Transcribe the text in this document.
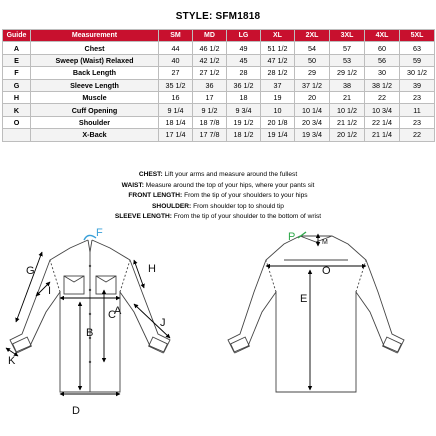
STYLE: SFM1818
Guide	Measurement	SM	MD	LG	XL	2XL	3XL	4XL	5XL
A	Chest	44	46 1/2	49	51 1/2	54	57	60	63
E	Sweep (Waist) Relaxed	40	42 1/2	45	47 1/2	50	53	56	59
F	Back Length	27	27 1/2	28	28 1/2	29	29 1/2	30	30 1/2
G	Sleeve Length	35 1/2	36	36 1/2	37	37 1/2	38	38 1/2	39
H	Muscle	16	17	18	19	20	21	22	23
K	Cuff Opening	9 1/4	9 1/2	9 3/4	10	10 1/4	10 1/2	10 3/4	11
O	Shoulder	18 1/4	18 7/8	19 1/2	20 1/8	20 3/4	21 1/2	22 1/4	23
	X-Back	17 1/4	17 7/8	18 1/2	19 1/4	19 3/4	20 1/2	21 1/4	22
CHEST: Lift your arms and measure around the fullest
WAIST: Measure around the top of your hips, where your pants sit
FRONT LENGTH: From the tip of your shoulders to your hips
SHOULDER: From shoulder top to should tip
SLEEVE LENGTH: From the tip of your shoulder to the bottom of wrist
B
C
A
D
F
G	H
I
J
K
O
E
P	M
